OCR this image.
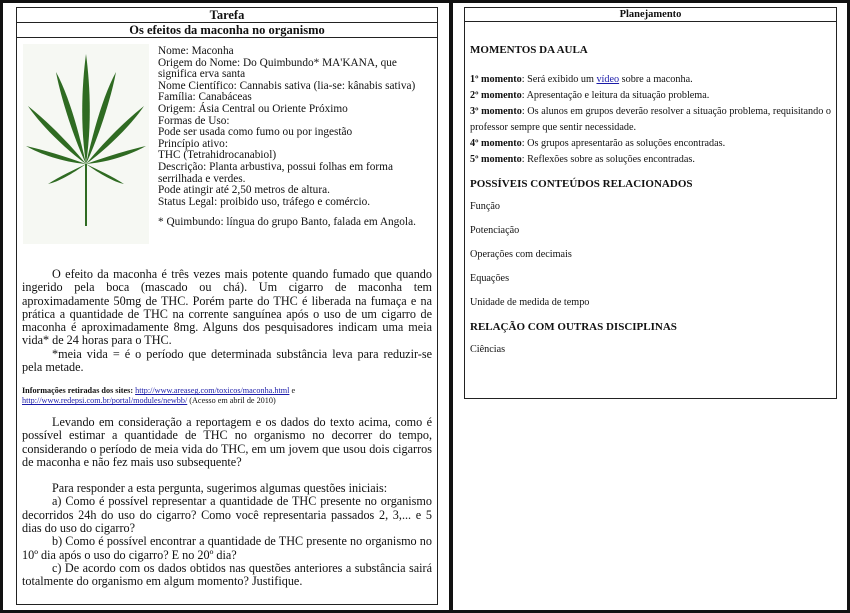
Tarefa
Os efeitos da maconha no organismo
Nome: Maconha
Origem do Nome: Do Quimbundo* MA'KANA, que significa erva santa
Nome Científico: Cannabis sativa (lia-se: kânabis sativa)
Família: Canabáceas
Origem: Ásia Central ou Oriente Próximo
Formas de Uso:
Pode ser usada como fumo ou por ingestão
Princípio ativo:
THC (Tetrahidrocanabiol)
Descrição: Planta arbustiva, possui folhas em forma serrilhada e verdes.
Pode atingir até 2,50 metros de altura.
Status Legal: proibido uso, tráfego e comércio.
* Quimbundo: língua do grupo Banto, falada em Angola.

O efeito da maconha é três vezes mais potente quando fumado que quando ingerido pela boca (mascado ou chá). Um cigarro de maconha tem aproximadamente 50mg de THC. Porém parte do THC é liberada na fumaça e na prática a quantidade de THC na corrente sanguínea após o uso de um cigarro de maconha é aproximadamente 8mg. Alguns dos pesquisadores indicam uma meia vida* de 24 horas para o THC.

*meia vida = é o período que determinada substância leva para reduzir-se pela metade.

Informações retiradas dos sites: http://www.areaseg.com/toxicos/maconha.html e http://www.redepsi.com.br/portal/modules/newbb/ (Acesso em abril de 2010)

Levando em consideração a reportagem e os dados do texto acima, como é possível estimar a quantidade de THC no organismo no decorrer do tempo, considerando o período de meia vida do THC, em um jovem que usou dois cigarros de maconha e não fez mais uso subsequente?

Para responder a esta pergunta, sugerimos algumas questões iniciais:

a) Como é possível representar a quantidade de THC presente no organismo decorridos 24h do uso do cigarro? Como você representaria passados 2, 3,... e 5 dias do uso do cigarro?

b) Como é possível encontrar a quantidade de THC presente no organismo no 10º dia após o uso do cigarro? E no 20º dia?

c) De acordo com os dados obtidos nas questões anteriores a substância sairá totalmente do organismo em algum momento? Justifique.

Planejamento
MOMENTOS DA AULA

1º momento: Será exibido um vídeo sobre a maconha.

2º momento: Apresentação e leitura da situação problema.

3º momento: Os alunos em grupos deverão resolver a situação problema, requisitando o professor sempre que sentir necessidade.

4º momento: Os grupos apresentarão as soluções encontradas.

5º momento: Reflexões sobre as soluções encontradas.

POSSÍVEIS CONTEÚDOS RELACIONADOS

Função

Potenciação

Operações com decimais

Equações

Unidade de medida de tempo

RELAÇÃO COM OUTRAS DISCIPLINAS

Ciências
